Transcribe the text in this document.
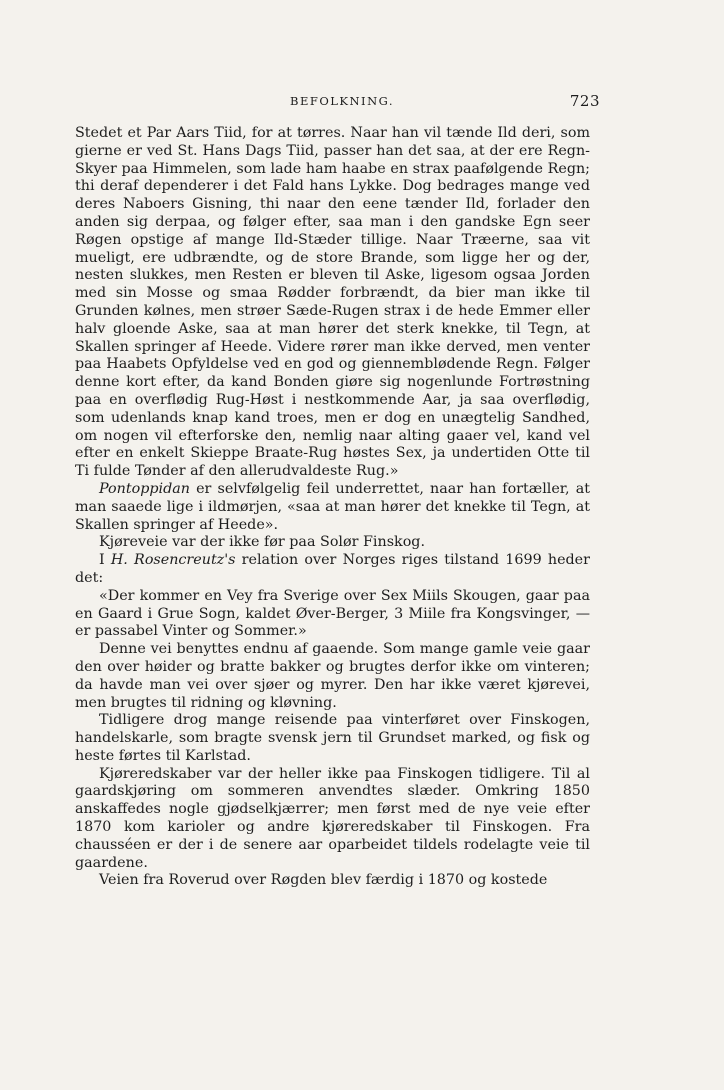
BEFOLKNING.	723

Stedet et Par Aars Tiid, for at tørres. Naar han vil tænde Ild deri, som gierne er ved St. Hans Dags Tiid, passer han det saa, at der ere Regn-Skyer paa Himmelen, som lade ham haabe en strax paafølgende Regn; thi deraf dependerer i det Fald hans Lykke. Dog bedrages mange ved deres Naboers Gisning, thi naar den eene tænder Ild, forlader den anden sig derpaa, og følger efter, saa man i den gandske Egn seer Røgen opstige af mange Ild-Stæder tillige. Naar Træerne, saa vit mueligt, ere udbrændte, og de store Brande, som ligge her og der, nesten slukkes, men Resten er bleven til Aske, ligesom ogsaa Jorden med sin Mosse og smaa Rødder forbrændt, da bier man ikke til Grunden kølnes, men strøer Sæde-Rugen strax i de hede Emmer eller halv gloende Aske, saa at man hører det sterk knekke, til Tegn, at Skallen springer af Heede. Videre rører man ikke derved, men venter paa Haabets Opfyldelse ved en god og giennemblødende Regn. Følger denne kort efter, da kand Bonden giøre sig nogenlunde Fortrøstning paa en overflødig Rug-Høst i nestkommende Aar, ja saa overflødig, som udenlands knap kand troes, men er dog en unægtelig Sandhed, om nogen vil efterforske den, nemlig naar alting gaaer vel, kand vel efter en enkelt Skieppe Braate-Rug høstes Sex, ja undertiden Otte til Ti fulde Tønder af den allerudvaldeste Rug.»

Pontoppidan er selvfølgelig feil underrettet, naar han fortæller, at man saaede lige i ildmørjen, «saa at man hører det knekke til Tegn, at Skallen springer af Heede».

Kjøreveie var der ikke før paa Solør Finskog.

I H. Rosencreutz's relation over Norges riges tilstand 1699 heder det:

«Der kommer en Vey fra Sverige over Sex Miils Skougen, gaar paa en Gaard i Grue Sogn, kaldet Øver-Berger, 3 Miile fra Kongsvinger, — er passabel Vinter og Sommer.»

Denne vei benyttes endnu af gaaende. Som mange gamle veie gaar den over høider og bratte bakker og brugtes derfor ikke om vinteren; da havde man vei over sjøer og myrer. Den har ikke været kjørevei, men brugtes til ridning og kløvning.

Tidligere drog mange reisende paa vinterføret over Finskogen, handelskarle, som bragte svensk jern til Grundset marked, og fisk og heste førtes til Karlstad.

Kjøreredskaber var der heller ikke paa Finskogen tidligere. Til al gaardskjøring om sommeren anvendtes slæder. Omkring 1850 anskaffedes nogle gjødselkjærrer; men først med de nye veie efter 1870 kom karioler og andre kjøreredskaber til Finskogen. Fra chausséen er der i de senere aar oparbeidet tildels rodelagte veie til gaardene.

Veien fra Roverud over Røgden blev færdig i 1870 og kostede
